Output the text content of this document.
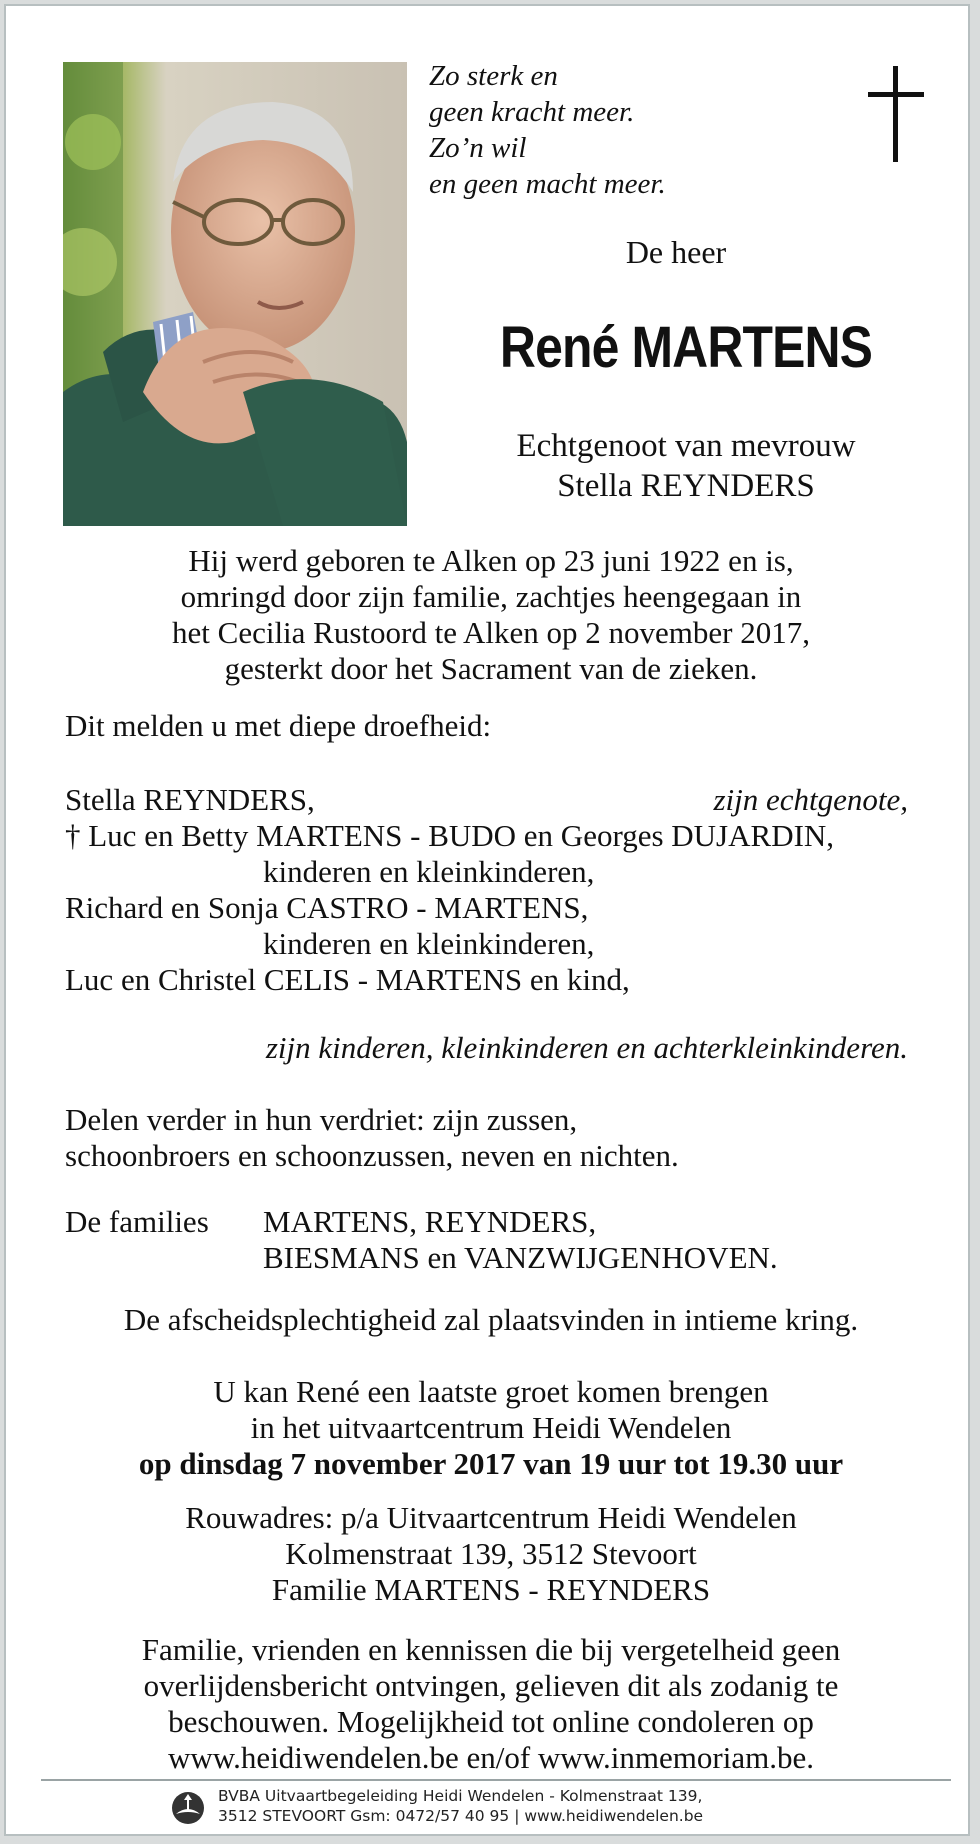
Zo sterk en
geen kracht meer.
Zo’n wil
en geen macht meer.
De heer
René MARTENS
Echtgenoot van mevrouw
Stella REYNDERS
Hij werd geboren te Alken op 23 juni 1922 en is,
omringd door zijn familie, zachtjes heengegaan in
het Cecilia Rustoord te Alken op 2 november 2017,
gesterkt door het Sacrament van de zieken.
Dit melden u met diepe droefheid:
Stella REYNDERS,	zijn echtgenote,
† Luc en Betty MARTENS - BUDO en Georges DUJARDIN,
kinderen en kleinkinderen,
Richard en Sonja CASTRO - MARTENS,
kinderen en kleinkinderen,
Luc en Christel CELIS - MARTENS en kind,
zijn kinderen, kleinkinderen en achterkleinkinderen.
Delen verder in hun verdriet: zijn zussen,
schoonbroers en schoonzussen, neven en nichten.
De families MARTENS, REYNDERS,
BIESMANS en VANZWIJGENHOVEN.
De afscheidsplechtigheid zal plaatsvinden in intieme kring.
U kan René een laatste groet komen brengen
in het uitvaartcentrum Heidi Wendelen
op dinsdag 7 november 2017 van 19 uur tot 19.30 uur
Rouwadres: p/a Uitvaartcentrum Heidi Wendelen
Kolmenstraat 139, 3512 Stevoort
Familie MARTENS - REYNDERS
Familie, vrienden en kennissen die bij vergetelheid geen
overlijdensbericht ontvingen, gelieven dit als zodanig te
beschouwen. Mogelijkheid tot online condoleren op
www.heidiwendelen.be en/of www.inmemoriam.be.
BVBA Uitvaartbegeleiding Heidi Wendelen - Kolmenstraat 139,
3512 STEVOORT Gsm: 0472/57 40 95 | www.heidiwendelen.be
